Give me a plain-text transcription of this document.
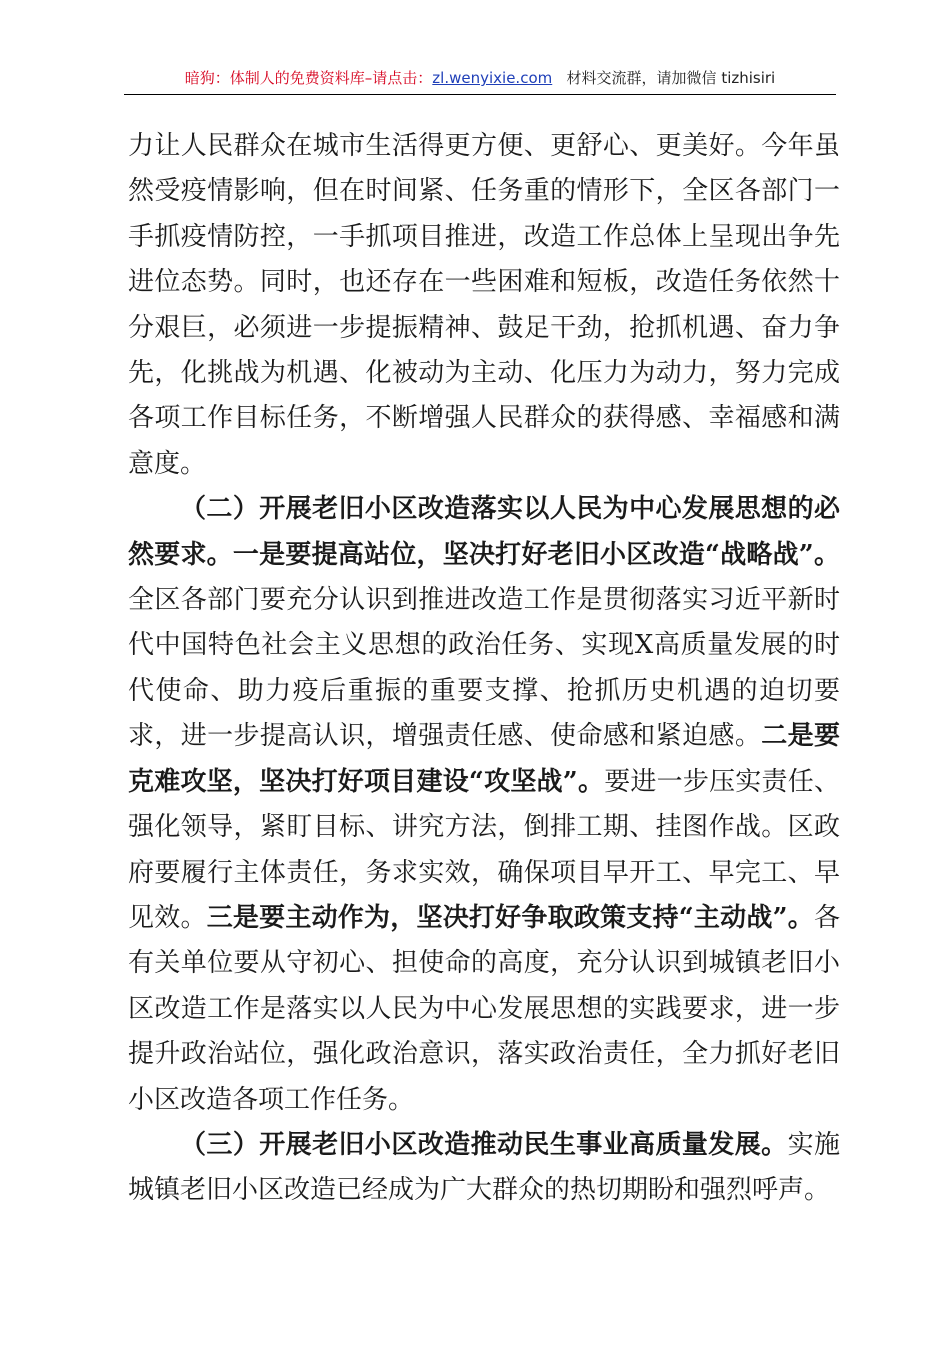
暗狗：体制人的免费资料库–请点击：zl.wenyixie.com 材料交流群，请加微信 tizhisiri

力让人民群众在城市生活得更方便、更舒心、更美好。今年虽然受疫情影响，但在时间紧、任务重的情形下，全区各部门一手抓疫情防控，一手抓项目推进，改造工作总体上呈现出争先进位态势。同时，也还存在一些困难和短板，改造任务依然十分艰巨，必须进一步提振精神、鼓足干劲，抢抓机遇、奋力争先，化挑战为机遇、化被动为主动、化压力为动力，努力完成各项工作目标任务，不断增强人民群众的获得感、幸福感和满意度。

（二）开展老旧小区改造落实以人民为中心发展思想的必然要求。一是要提高站位，坚决打好老旧小区改造“战略战”。全区各部门要充分认识到推进改造工作是贯彻落实习近平新时代中国特色社会主义思想的政治任务、实现X高质量发展的时代使命、助力疫后重振的重要支撑、抢抓历史机遇的迫切要求，进一步提高认识，增强责任感、使命感和紧迫感。二是要克难攻坚，坚决打好项目建设“攻坚战”。要进一步压实责任、强化领导，紧盯目标、讲究方法，倒排工期、挂图作战。区政府要履行主体责任，务求实效，确保项目早开工、早完工、早见效。三是要主动作为，坚决打好争取政策支持“主动战”。各有关单位要从守初心、担使命的高度，充分认识到城镇老旧小区改造工作是落实以人民为中心发展思想的实践要求，进一步提升政治站位，强化政治意识，落实政治责任，全力抓好老旧小区改造各项工作任务。

（三）开展老旧小区改造推动民生事业高质量发展。实施城镇老旧小区改造已经成为广大群众的热切期盼和强烈呼声。
